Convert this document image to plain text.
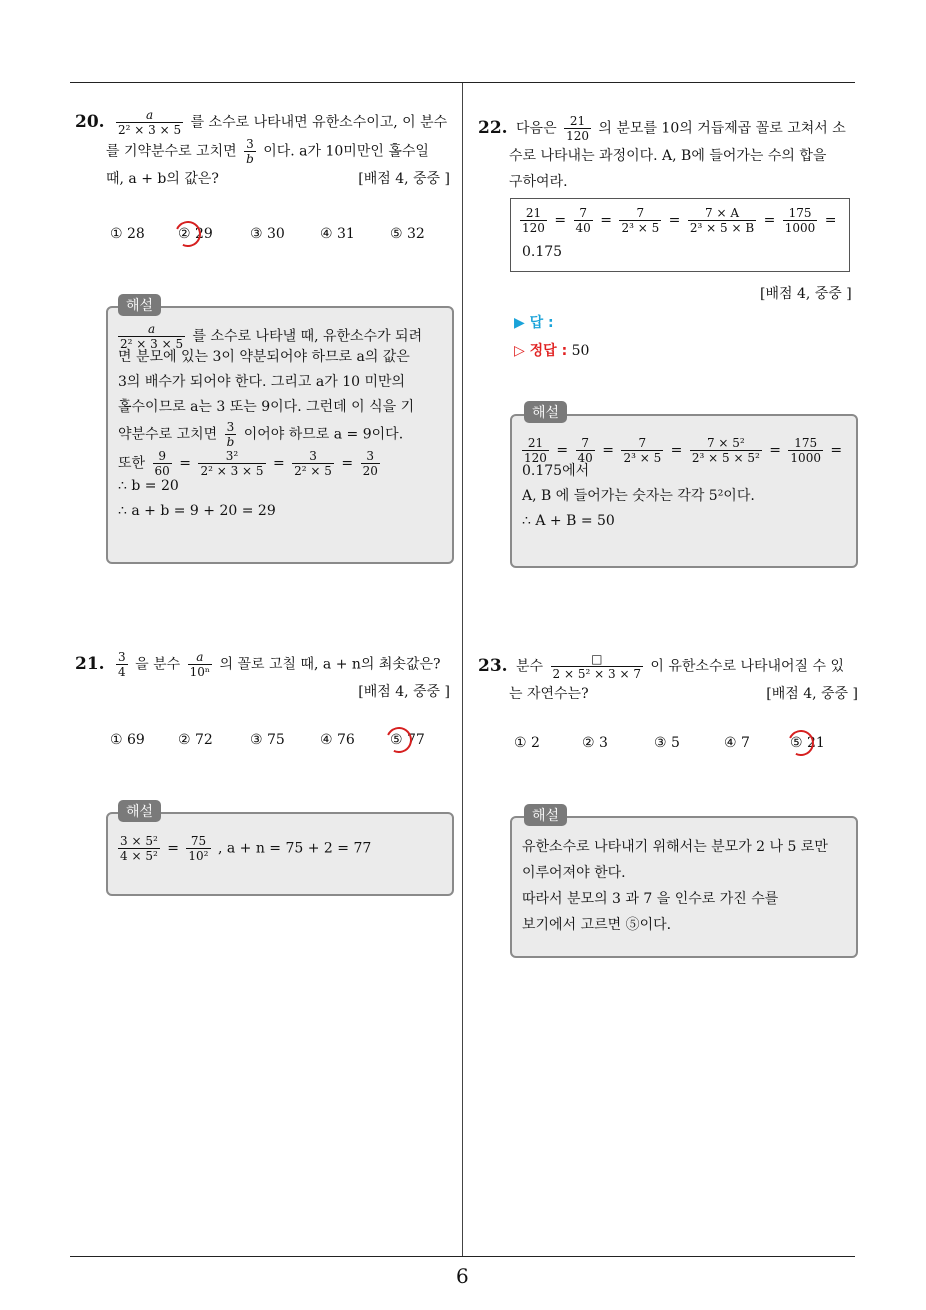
20. $\frac{a}{\text{2² × 3 × 5}}$ 를 소수로 나타내면 유한소수이고, 이 분수
를 기약분수로 고치면 $\frac{3}{b}$ 이다. a가 10미만인 홀수일
때, a + b의 값은?	[배점 4, 중중 ]
① 28 ② 29	③ 30	④ 31	⑤ 32
해설
$\frac{a}{\text{2² × 3 × 5}}$ 를 소수로 나타낼 때, 유한소수가 되려
면 분모에 있는 3이 약분되어야 하므로 a의 값은
3의 배수가 되어야 한다. 그리고 a가 10 미만의
홀수이므로 a는 3 또는 9이다. 그런데 이 식을 기
약분수로 고치면 $\frac{3}{b}$ 이어야 하므로 a = 9이다.
또한 $\frac{9}{60} = \frac{\text{3²}}{\text{2² × 3 × 5}} = \frac{3}{\text{2² × 5}} = \frac{3}{20}$
∴ b = 20
∴ a + b = 9 + 20 = 29
21. $\frac{3}{4}$ 을 분수 $\frac{a}{\text{10ⁿ}}$ 의 꼴로 고칠 때, a + n의 최솟값은?
[배점 4, 중중 ]
① 69 ② 72	③ 75	④ 76	⑤ 77
해설
$\frac{\text{3 × 5²}}{\text{4 × 5²}} = \frac{75}{\text{10²}}$ , a + n = 75 + 2 = 77
22. 다음은 $\frac{21}{120}$ 의 분모를 10의 거듭제곱 꼴로 고쳐서 소
수로 나타내는 과정이다. A, B에 들어가는 수의 합을
구하여라.
$\frac{21}{120} = \frac{7}{40} = \frac{7}{\text{2³ × 5}} = \frac{7 \times A}{\text{2³ × 5 × B}} = \frac{175}{1000}$ =
0.175
[배점 4, 중중 ]
▶ 답 :
▷ 정답 : 50
해설
$\frac{21}{120} = \frac{7}{40} = \frac{7}{\text{2³ × 5}} = \frac{\text{7 × 5²}}{\text{2³ × 5 × 5²}} = \frac{175}{1000}$ =
0.175에서
A, B 에 들어가는 숫자는 각각 5²이다.
∴ A + B = 50
23. 분수 $\frac{□}{\text{2 × 5² × 3 × 7}}$ 이 유한소수로 나타내어질 수 있
는 자연수는?	[배점 4, 중중 ]
① 2	② 3	③ 5	④ 7	⑤ 21
해설
유한소수로 나타내기 위해서는 분모가 2 나 5 로만
이루어져야 한다.
따라서 분모의 3 과 7 을 인수로 가진 수를
보기에서 고르면 ⑤이다.
6
